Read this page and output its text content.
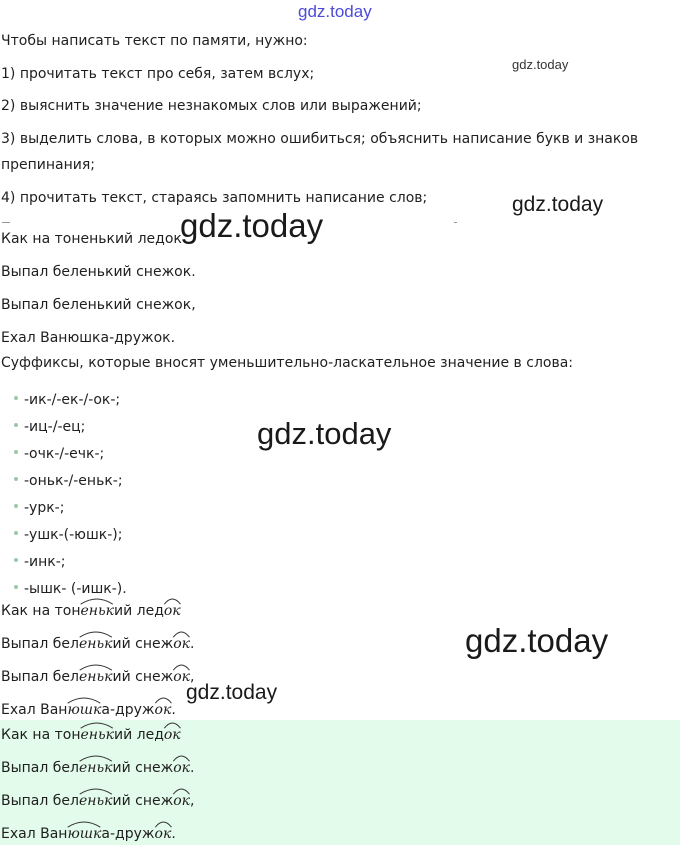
gdz.today
gdz.today
gdz.today
gdz.today
gdz.today
gdz.today
gdz.today
Чтобы написать текст по памяти, нужно:
1) прочитать текст про себя, затем вслух;
2) выяснить значение незнакомых слов или выражений;
3) выделить слова, в которых можно ошибиться; объяснить написание букв и знаков
препинания;
4) прочитать текст, стараясь запомнить написание слов;
Как на тоненький ледок
Выпал беленький снежок.
Выпал беленький снежок,
Ехал Ванюшка-дружок.
Суффиксы, которые вносят уменьшительно-ласкательное значение в слова:
-ик-/-ек-/-ок-;
-иц-/-ец;
-очк-/-ечк-;
-оньк-/-еньк-;
-урк-;
-ушк-(-юшк-);
-инк-;
-ышк- (-ишк-).
Как на тон
енький лед
ок
Выпал бел
енький снеж
ок.
Выпал бел
енький снеж
ок,
Ехал Ван
юшка-друж
ок.
Как на тон
енький лед
ок
Выпал бел
енький снеж
ок.
Выпал бел
енький снеж
ок,
Ехал Ван
юшка-друж
ок.
